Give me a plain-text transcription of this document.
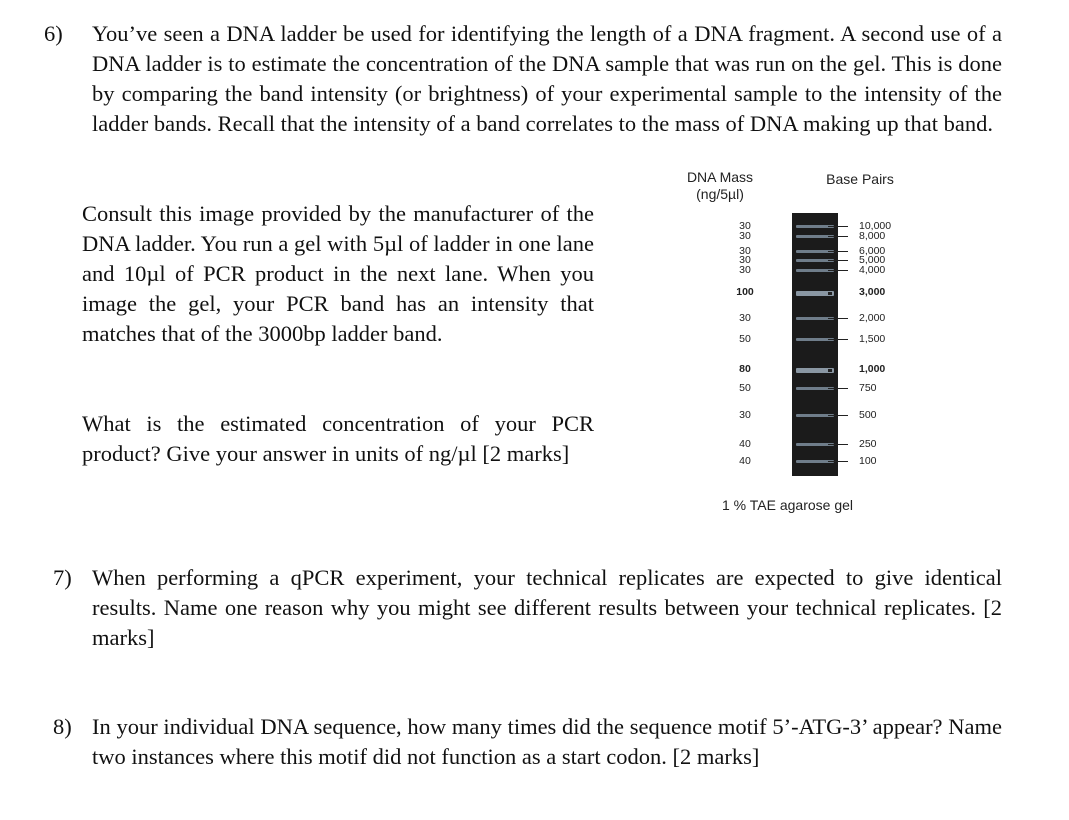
6) You’ve seen a DNA ladder be used for identifying the length of a DNA fragment. A second use of a DNA ladder is to estimate the concentration of the DNA sample that was run on the gel. This is done by comparing the band intensity (or brightness) of your experimental sample to the intensity of the ladder bands. Recall that the intensity of a band correlates to the mass of DNA making up that band.
Consult this image provided by the manufacturer of the DNA ladder. You run a gel with 5µl of ladder in one lane and 10µl of PCR product in the next lane. When you image the gel, your PCR band has an intensity that matches that of the 3000bp ladder band.
What is the estimated concentration of your PCR product? Give your answer in units of ng/µl [2 marks]
DNA Mass
(ng/5µl)
Base Pairs
1 % TAE agarose gel
30	10,000
30	8,000
30	6,000
30	5,000
30	4,000
100	3,000
30	2,000
50	1,500
80	1,000
50	750
30	500
40	250
40	100
7) When performing a qPCR experiment, your technical replicates are expected to give identical results. Name one reason why you might see different results between your technical replicates. [2 marks]
8) In your individual DNA sequence, how many times did the sequence motif 5’-ATG-3’ appear? Name two instances where this motif did not function as a start codon. [2 marks]
